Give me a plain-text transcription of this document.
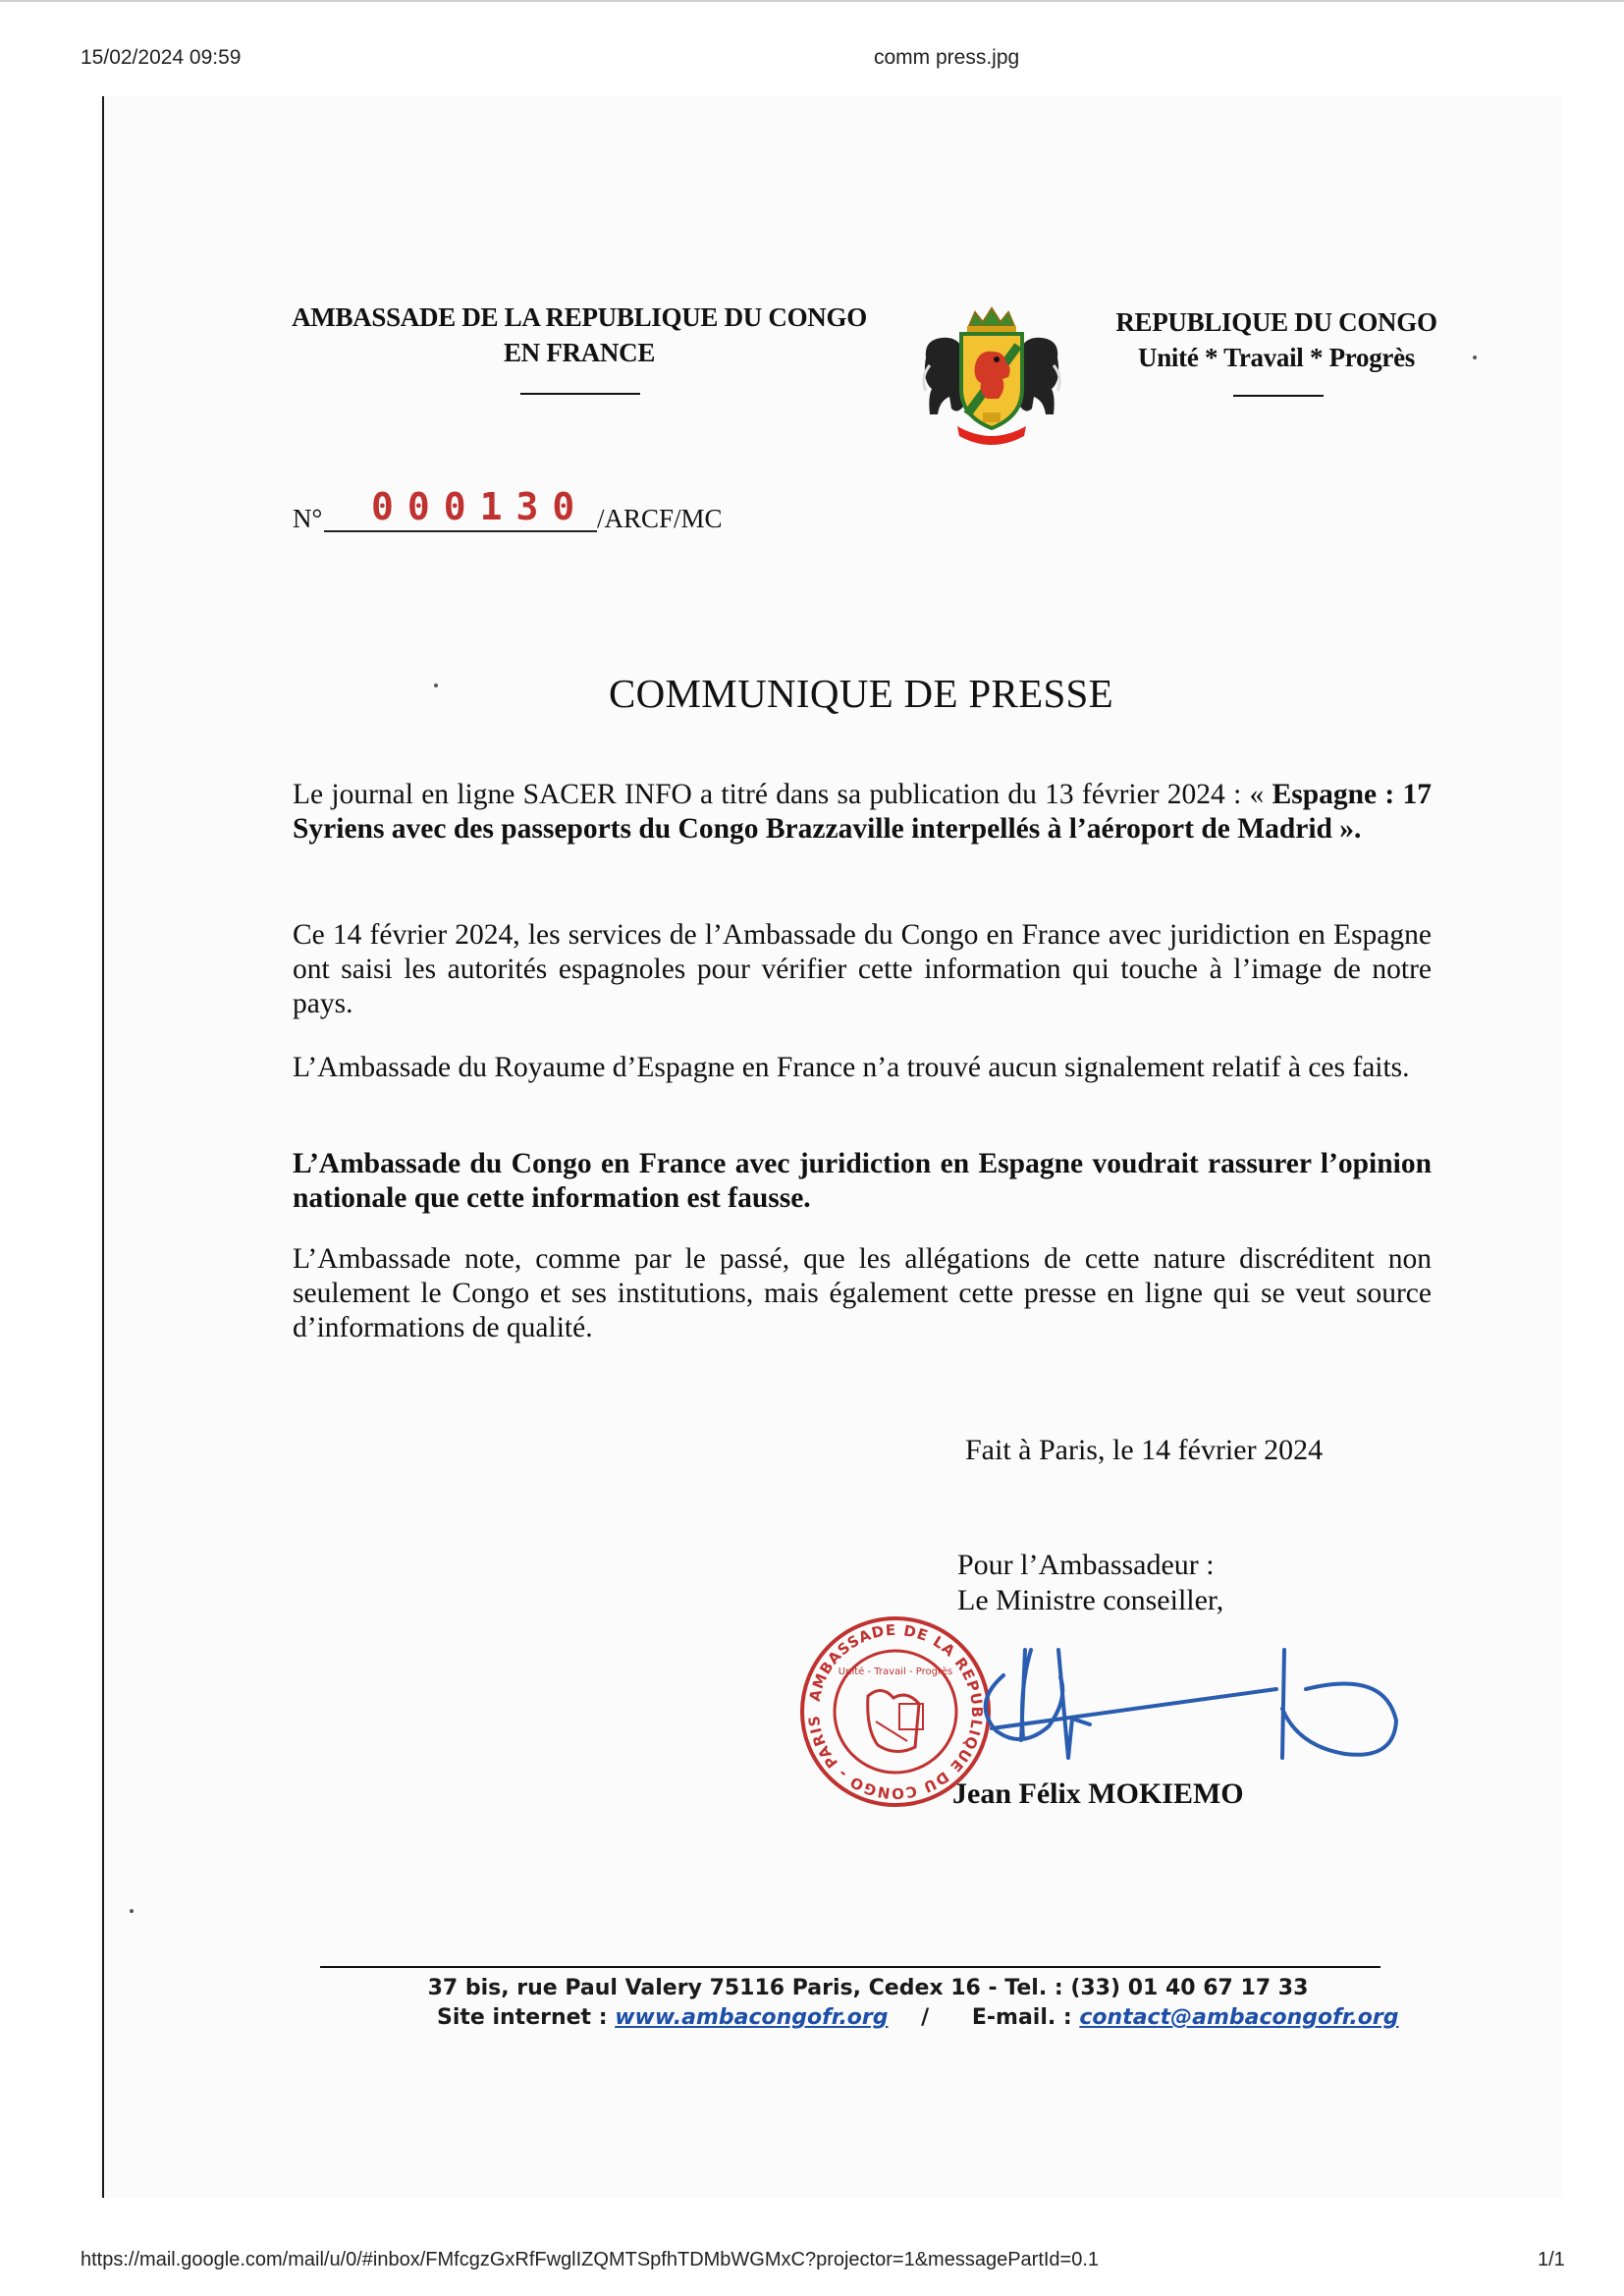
15/02/2024 09:59	comm press.jpg
AMBASSADE DE LA REPUBLIQUE DU CONGO
EN FRANCE
REPUBLIQUE DU CONGO
Unité * Travail * Progrès
N° 000130 /ARCF/MC
COMMUNIQUE DE PRESSE
Le journal en ligne SACER INFO a titré dans sa publication du 13 février 2024 : « Espagne : 17 Syriens avec des passeports du Congo Brazzaville interpellés à l’aéroport de Madrid ».
Ce 14 février 2024, les services de l’Ambassade du Congo en France avec juridiction en Espagne ont saisi les autorités espagnoles pour vérifier cette information qui touche à l’image de notre pays.
L’Ambassade du Royaume d’Espagne en France n’a trouvé aucun signalement relatif à ces faits.
L’Ambassade du Congo en France avec juridiction en Espagne voudrait rassurer l’opinion nationale que cette information est fausse.
L’Ambassade note, comme par le passé, que les allégations de cette nature discréditent non seulement le Congo et ses institutions, mais également cette presse en ligne qui se veut source d’informations de qualité.
Fait à Paris, le 14 février 2024
Pour l’Ambassadeur :
Le Ministre conseiller,
AMBASSADE DE LA REPUBLIQUE DU CONGO - PARIS
Unité - Travail - Progrès
Jean Félix MOKIEMO
37 bis, rue Paul Valery 75116 Paris, Cedex 16 - Tel. : (33) 01 40 67 17 33
Site internet : www.ambacongofr.org / E-mail. : contact@ambacongofr.org
https://mail.google.com/mail/u/0/#inbox/FMfcgzGxRfFwglIZQMTSpfhTDMbWGMxC?projector=1&messagePartId=0.1	1/1
